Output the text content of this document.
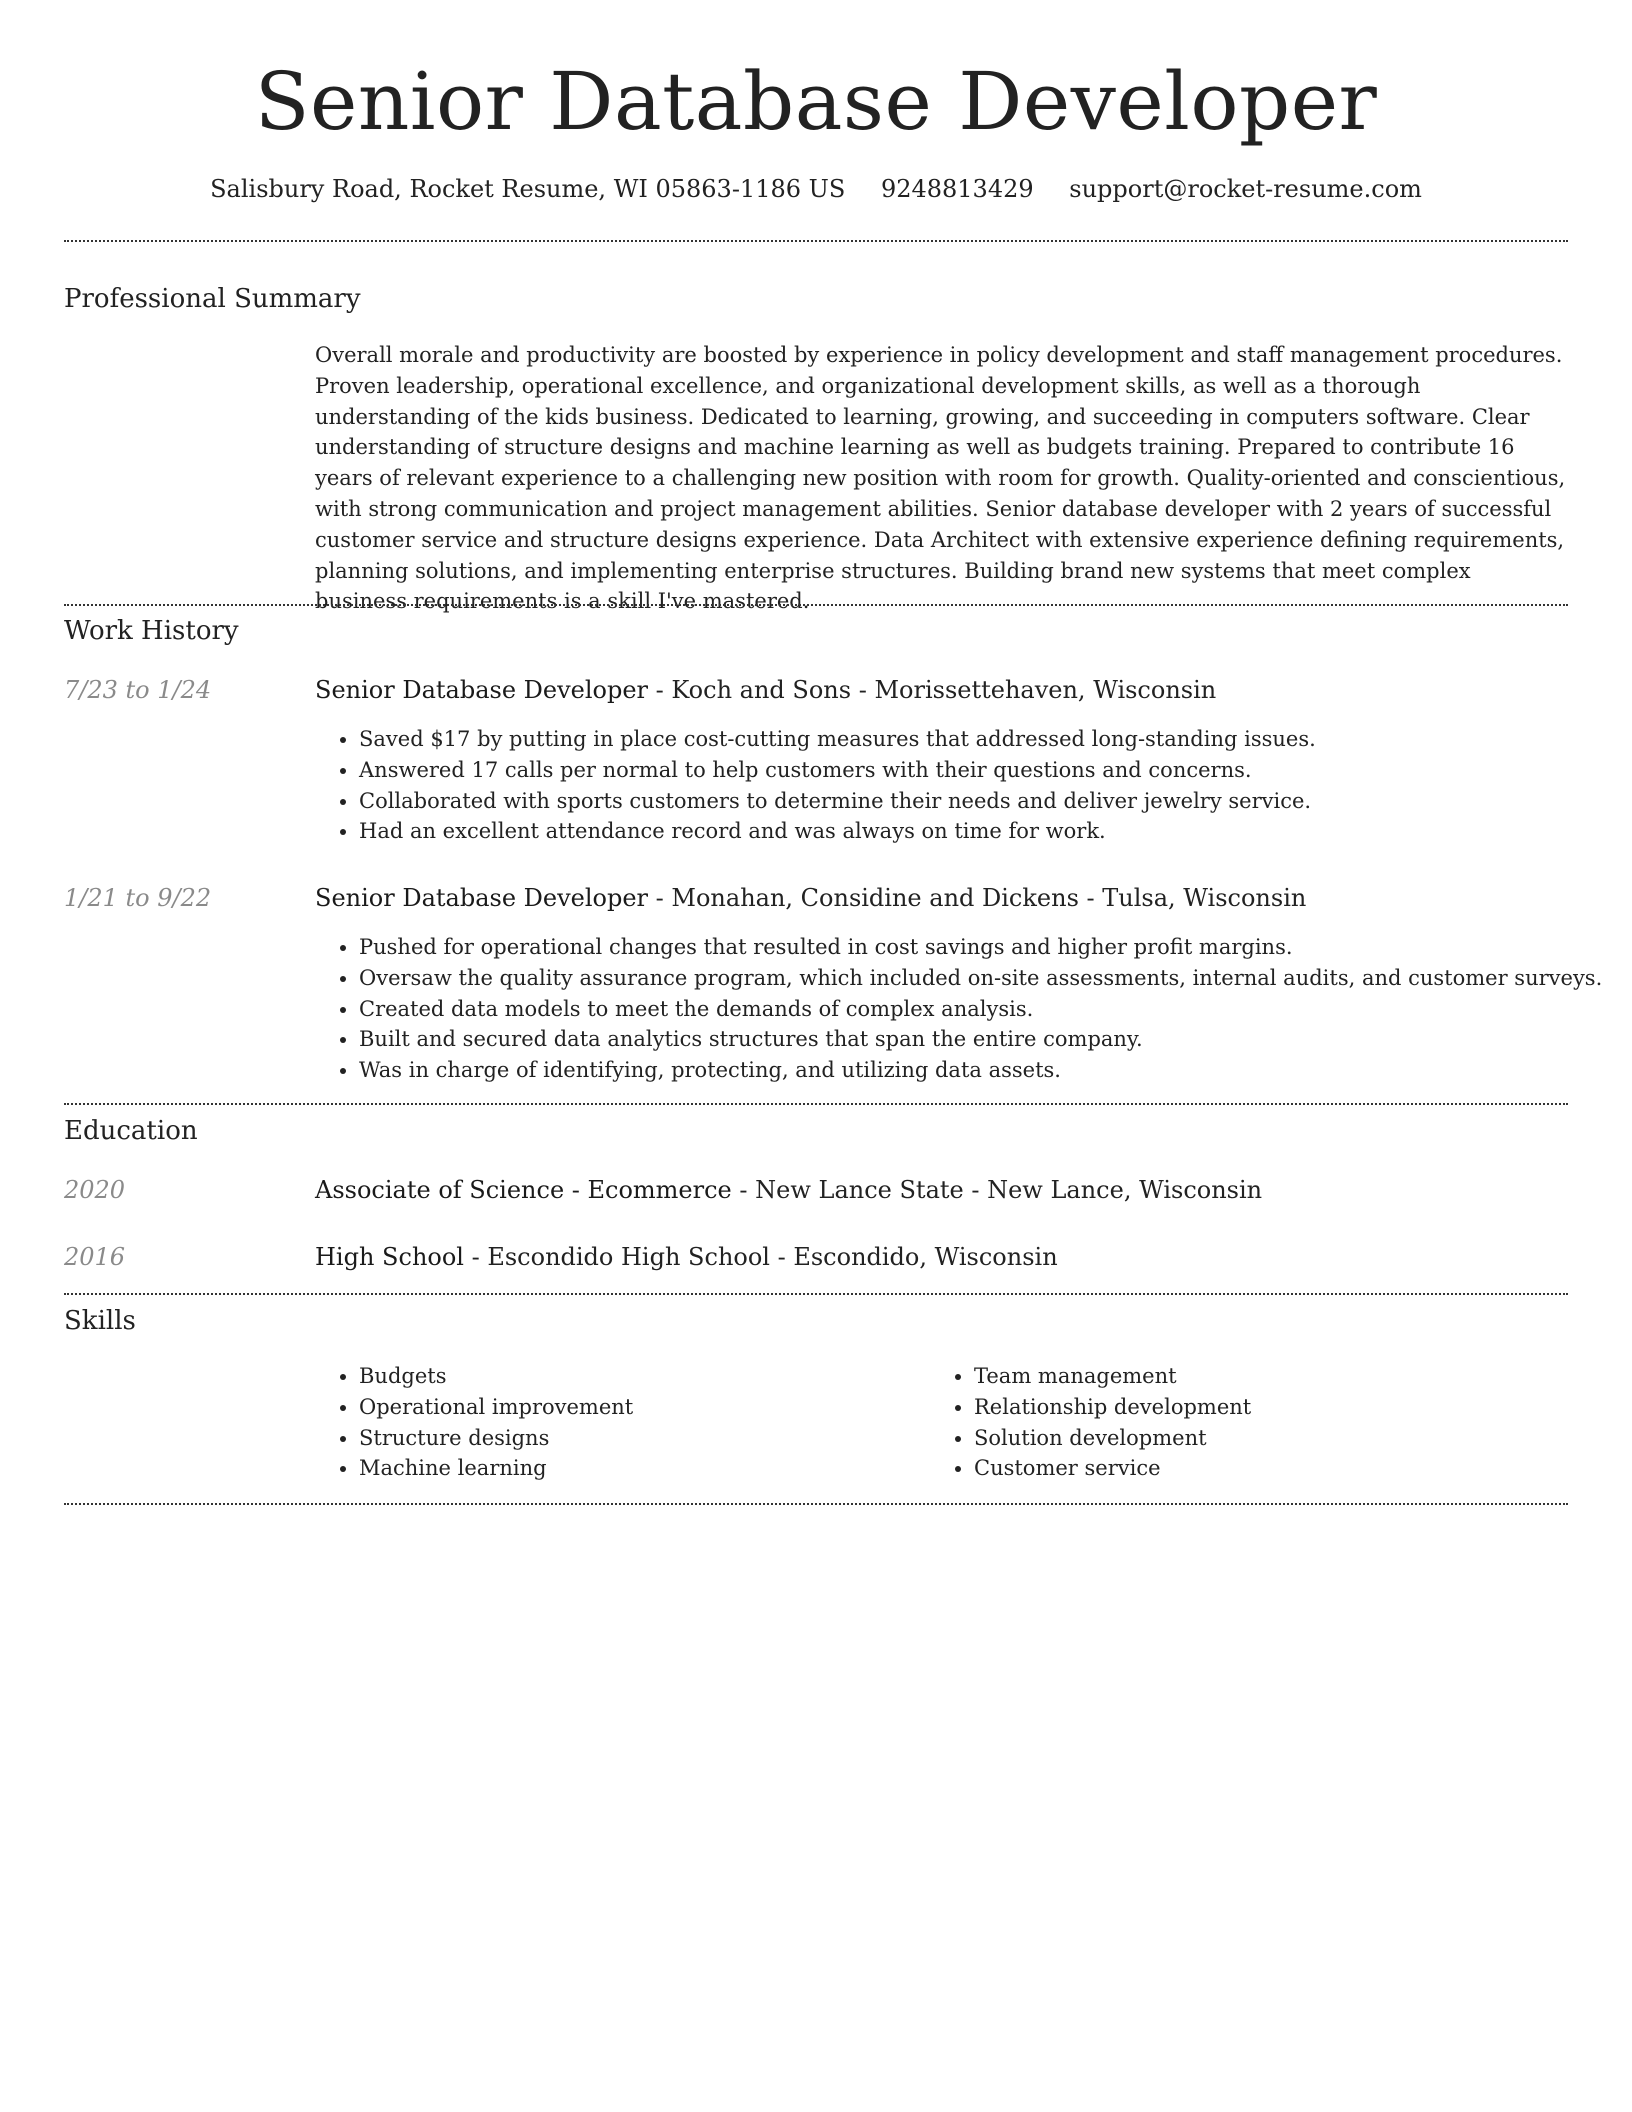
Senior Database Developer
Salisbury Road, Rocket Resume, WI 05863-1186 US 9248813429 support@rocket-resume.com
Professional Summary
Overall morale and productivity are boosted by experience in policy development and staff management procedures. Proven leadership, operational excellence, and organizational development skills, as well as a thorough understanding of the kids business. Dedicated to learning, growing, and succeeding in computers software. Clear understanding of structure designs and machine learning as well as budgets training. Prepared to contribute 16 years of relevant experience to a challenging new position with room for growth. Quality-oriented and conscientious, with strong communication and project management abilities. Senior database developer with 2 years of successful customer service and structure designs experience. Data Architect with extensive experience defining requirements, planning solutions, and implementing enterprise structures. Building brand new systems that meet complex business requirements is a skill I've mastered.
Work History
7/23 to 1/24	Senior Database Developer - Koch and Sons - Morissettehaven, Wisconsin
• Saved $17 by putting in place cost-cutting measures that addressed long-standing issues.
• Answered 17 calls per normal to help customers with their questions and concerns.
• Collaborated with sports customers to determine their needs and deliver jewelry service.
• Had an excellent attendance record and was always on time for work.
1/21 to 9/22	Senior Database Developer - Monahan, Considine and Dickens - Tulsa, Wisconsin
• Pushed for operational changes that resulted in cost savings and higher profit margins.
• Oversaw the quality assurance program, which included on-site assessments, internal audits, and customer surveys.
• Created data models to meet the demands of complex analysis.
• Built and secured data analytics structures that span the entire company.
• Was in charge of identifying, protecting, and utilizing data assets.
Education
2020	Associate of Science - Ecommerce - New Lance State - New Lance, Wisconsin
2016	High School - Escondido High School - Escondido, Wisconsin
Skills
• Budgets
• Operational improvement
• Structure designs
• Machine learning
• Team management
• Relationship development
• Solution development
• Customer service
